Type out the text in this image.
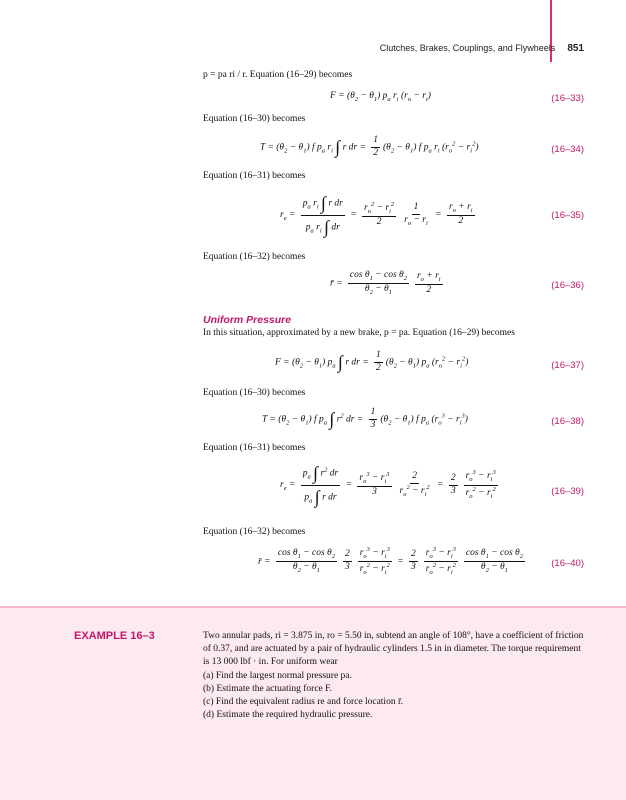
Clutches, Brakes, Couplings, and Flywheels 851
p = pa ri / r. Equation (16–29) becomes
$F = (\theta_2 - \theta_1)$ $p_a$ $r_i$ $(r_o - r_i)$	(16–33)
Equation (16–30) becomes
$T = (\theta_2 - \theta_1)$ f $p_a$ $r_i$ ∫ r dr = $\frac{1}{2} (\theta_2 - \theta_1)$ f $p_a$ $r_i$ $(r_o^2 - r_i^2)$	(16–34)
Equation (16–31) becomes
$r_e = \frac{p_a r_i \int r dr}{p_a r_i \int dr} = \frac{r_o^2 - r_i^2}{2} \frac{1}{r_o - r_i} = \frac{r_o + r_i}{2}$	(16–35)
Equation (16–32) becomes
r̄ = $\frac{\cos \theta_1 - \cos \theta_2}{\theta_2 - \theta_1} \frac{r_o + r_i}{2}$	(16–36)
Uniform Pressure
In this situation, approximated by a new brake, p = pa. Equation (16–29) becomes
$F = (\theta_2 - \theta_1)$ $p_a$ ∫ r dr = $\frac{1}{2} (\theta_2 - \theta_1)$ $p_a$ $(r_o^2 - r_i^2)$	(16–37)
Equation (16–30) becomes
$T = (\theta_2 - \theta_1)$ f $p_a$ ∫ $r^2$ dr = $\frac{1}{3} (\theta_2 - \theta_1)$ f $p_a$ $(r_o^3 - r_i^3)$	(16–38)
Equation (16–31) becomes
$r_e = \frac{p_a \int r^2 dr}{p_a \int r dr} = \frac{r_o^3 - r_i^3}{3} \frac{2}{r_o^2 - r_i^2} = \frac{2}{3} \frac{r_o^3 - r_i^3}{r_o^2 - r_i^2}$	(16–39)
Equation (16–32) becomes
r̄ = $\frac{\cos \theta_1 - \cos \theta_2}{\theta_2 - \theta_1} \frac{2}{3} \frac{r_o^3 - r_i^3}{r_o^2 - r_i^2} = \frac{2}{3} \frac{r_o^3 - r_i^3}{r_o^2 - r_i^2} \frac{\cos \theta_1 - \cos \theta_2}{\theta_2 - \theta_1}$	(16–40)
EXAMPLE 16–3	Two annular pads, ri = 3.875 in, ro = 5.50 in, subtend an angle of 108°, have a coefficient of friction of 0.37, and are actuated by a pair of hydraulic cylinders 1.5 in in diameter. The torque requirement is 13 000 lbf · in. For uniform wear

(a) Find the largest normal pressure pa.

(b) Estimate the actuating force F.

(c) Find the equivalent radius re and force location r̄.

(d) Estimate the required hydraulic pressure.
